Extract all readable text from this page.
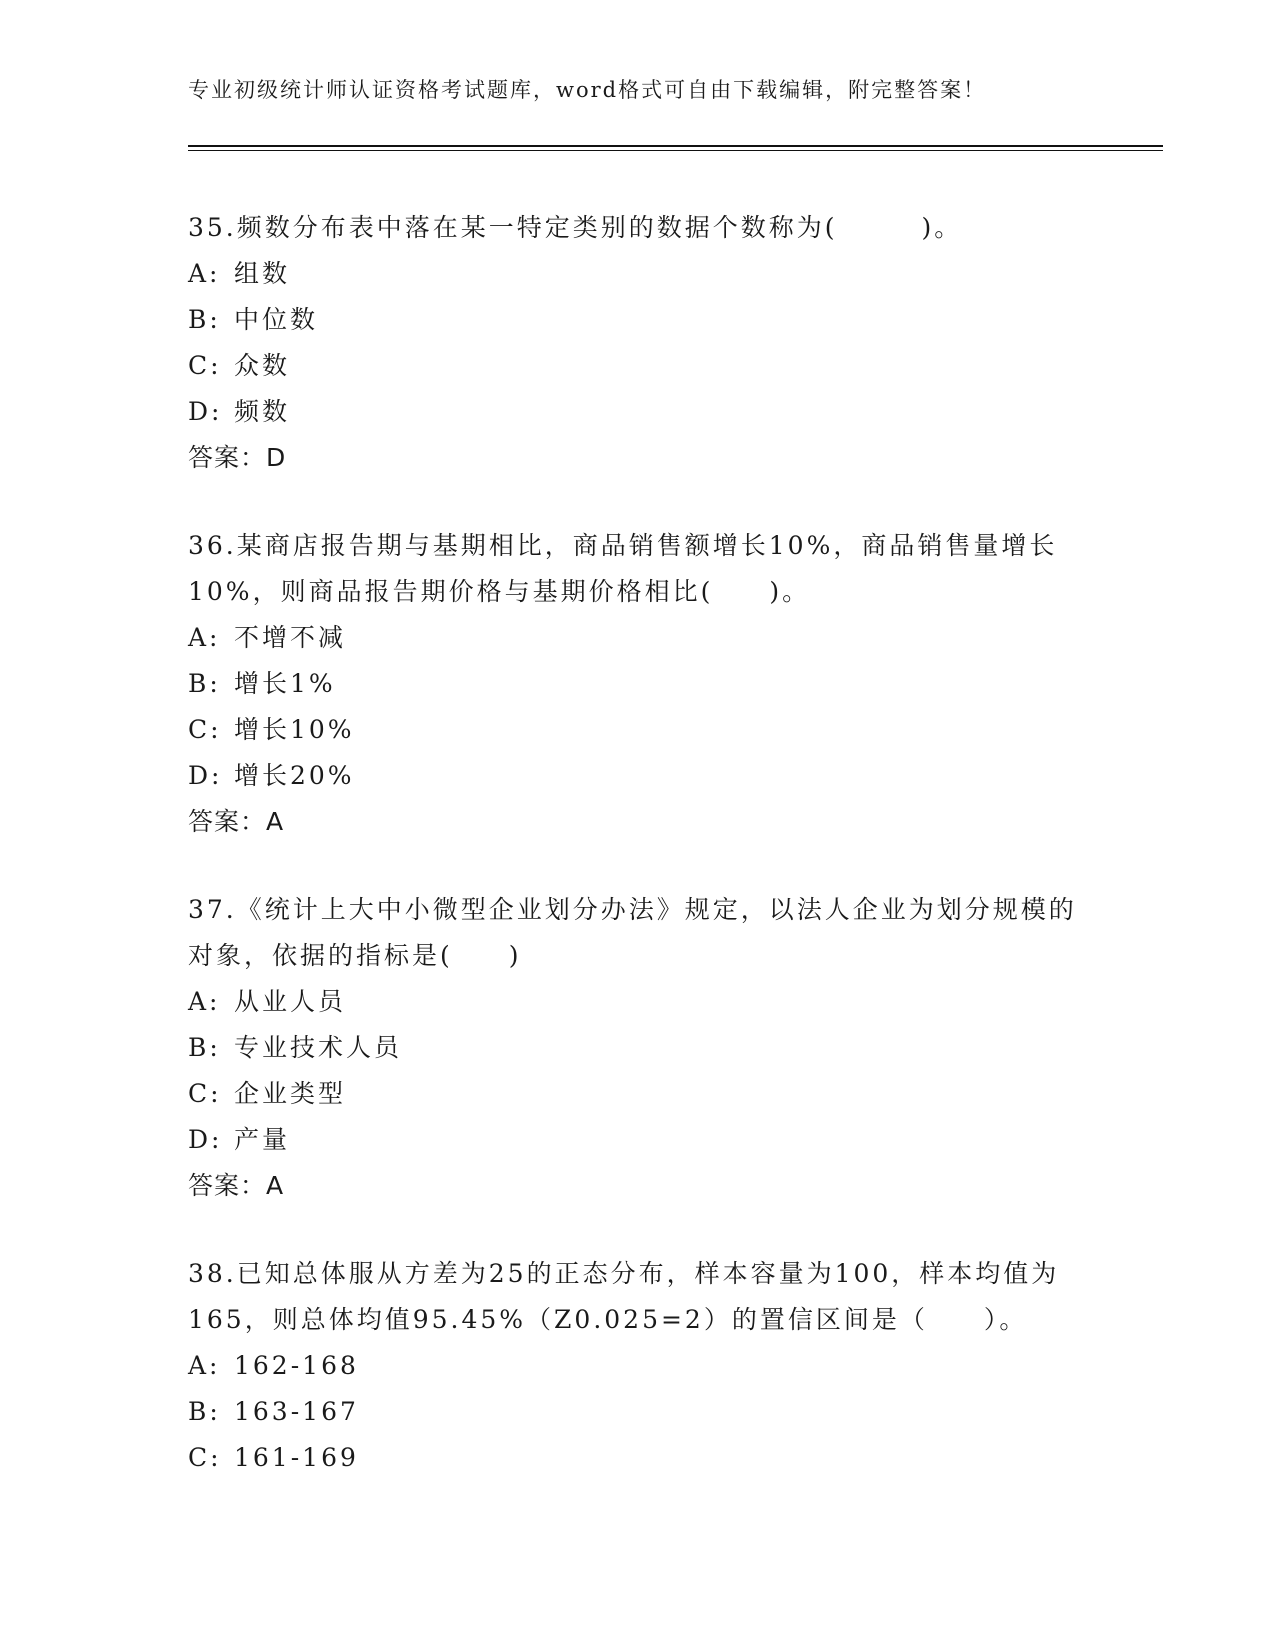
专业初级统计师认证资格考试题库，word格式可自由下载编辑，附完整答案！
35.频数分布表中落在某一特定类别的数据个数称为(　　　)。
A: 组数
B: 中位数
C: 众数
D: 频数
答案：D
36.某商店报告期与基期相比，商品销售额增长10%，商品销售量增长10%，则商品报告期价格与基期价格相比(　　)。
A: 不增不减
B: 增长1%
C: 增长10%
D: 增长20%
答案：A
37.《统计上大中小微型企业划分办法》规定，以法人企业为划分规模的对象，依据的指标是(　　)
A: 从业人员
B: 专业技术人员
C: 企业类型
D: 产量
答案：A
38.已知总体服从方差为25的正态分布，样本容量为100，样本均值为165，则总体均值95.45%（Z0.025=2）的置信区间是（　　）。
A: 162-168
B: 163-167
C: 161-169
